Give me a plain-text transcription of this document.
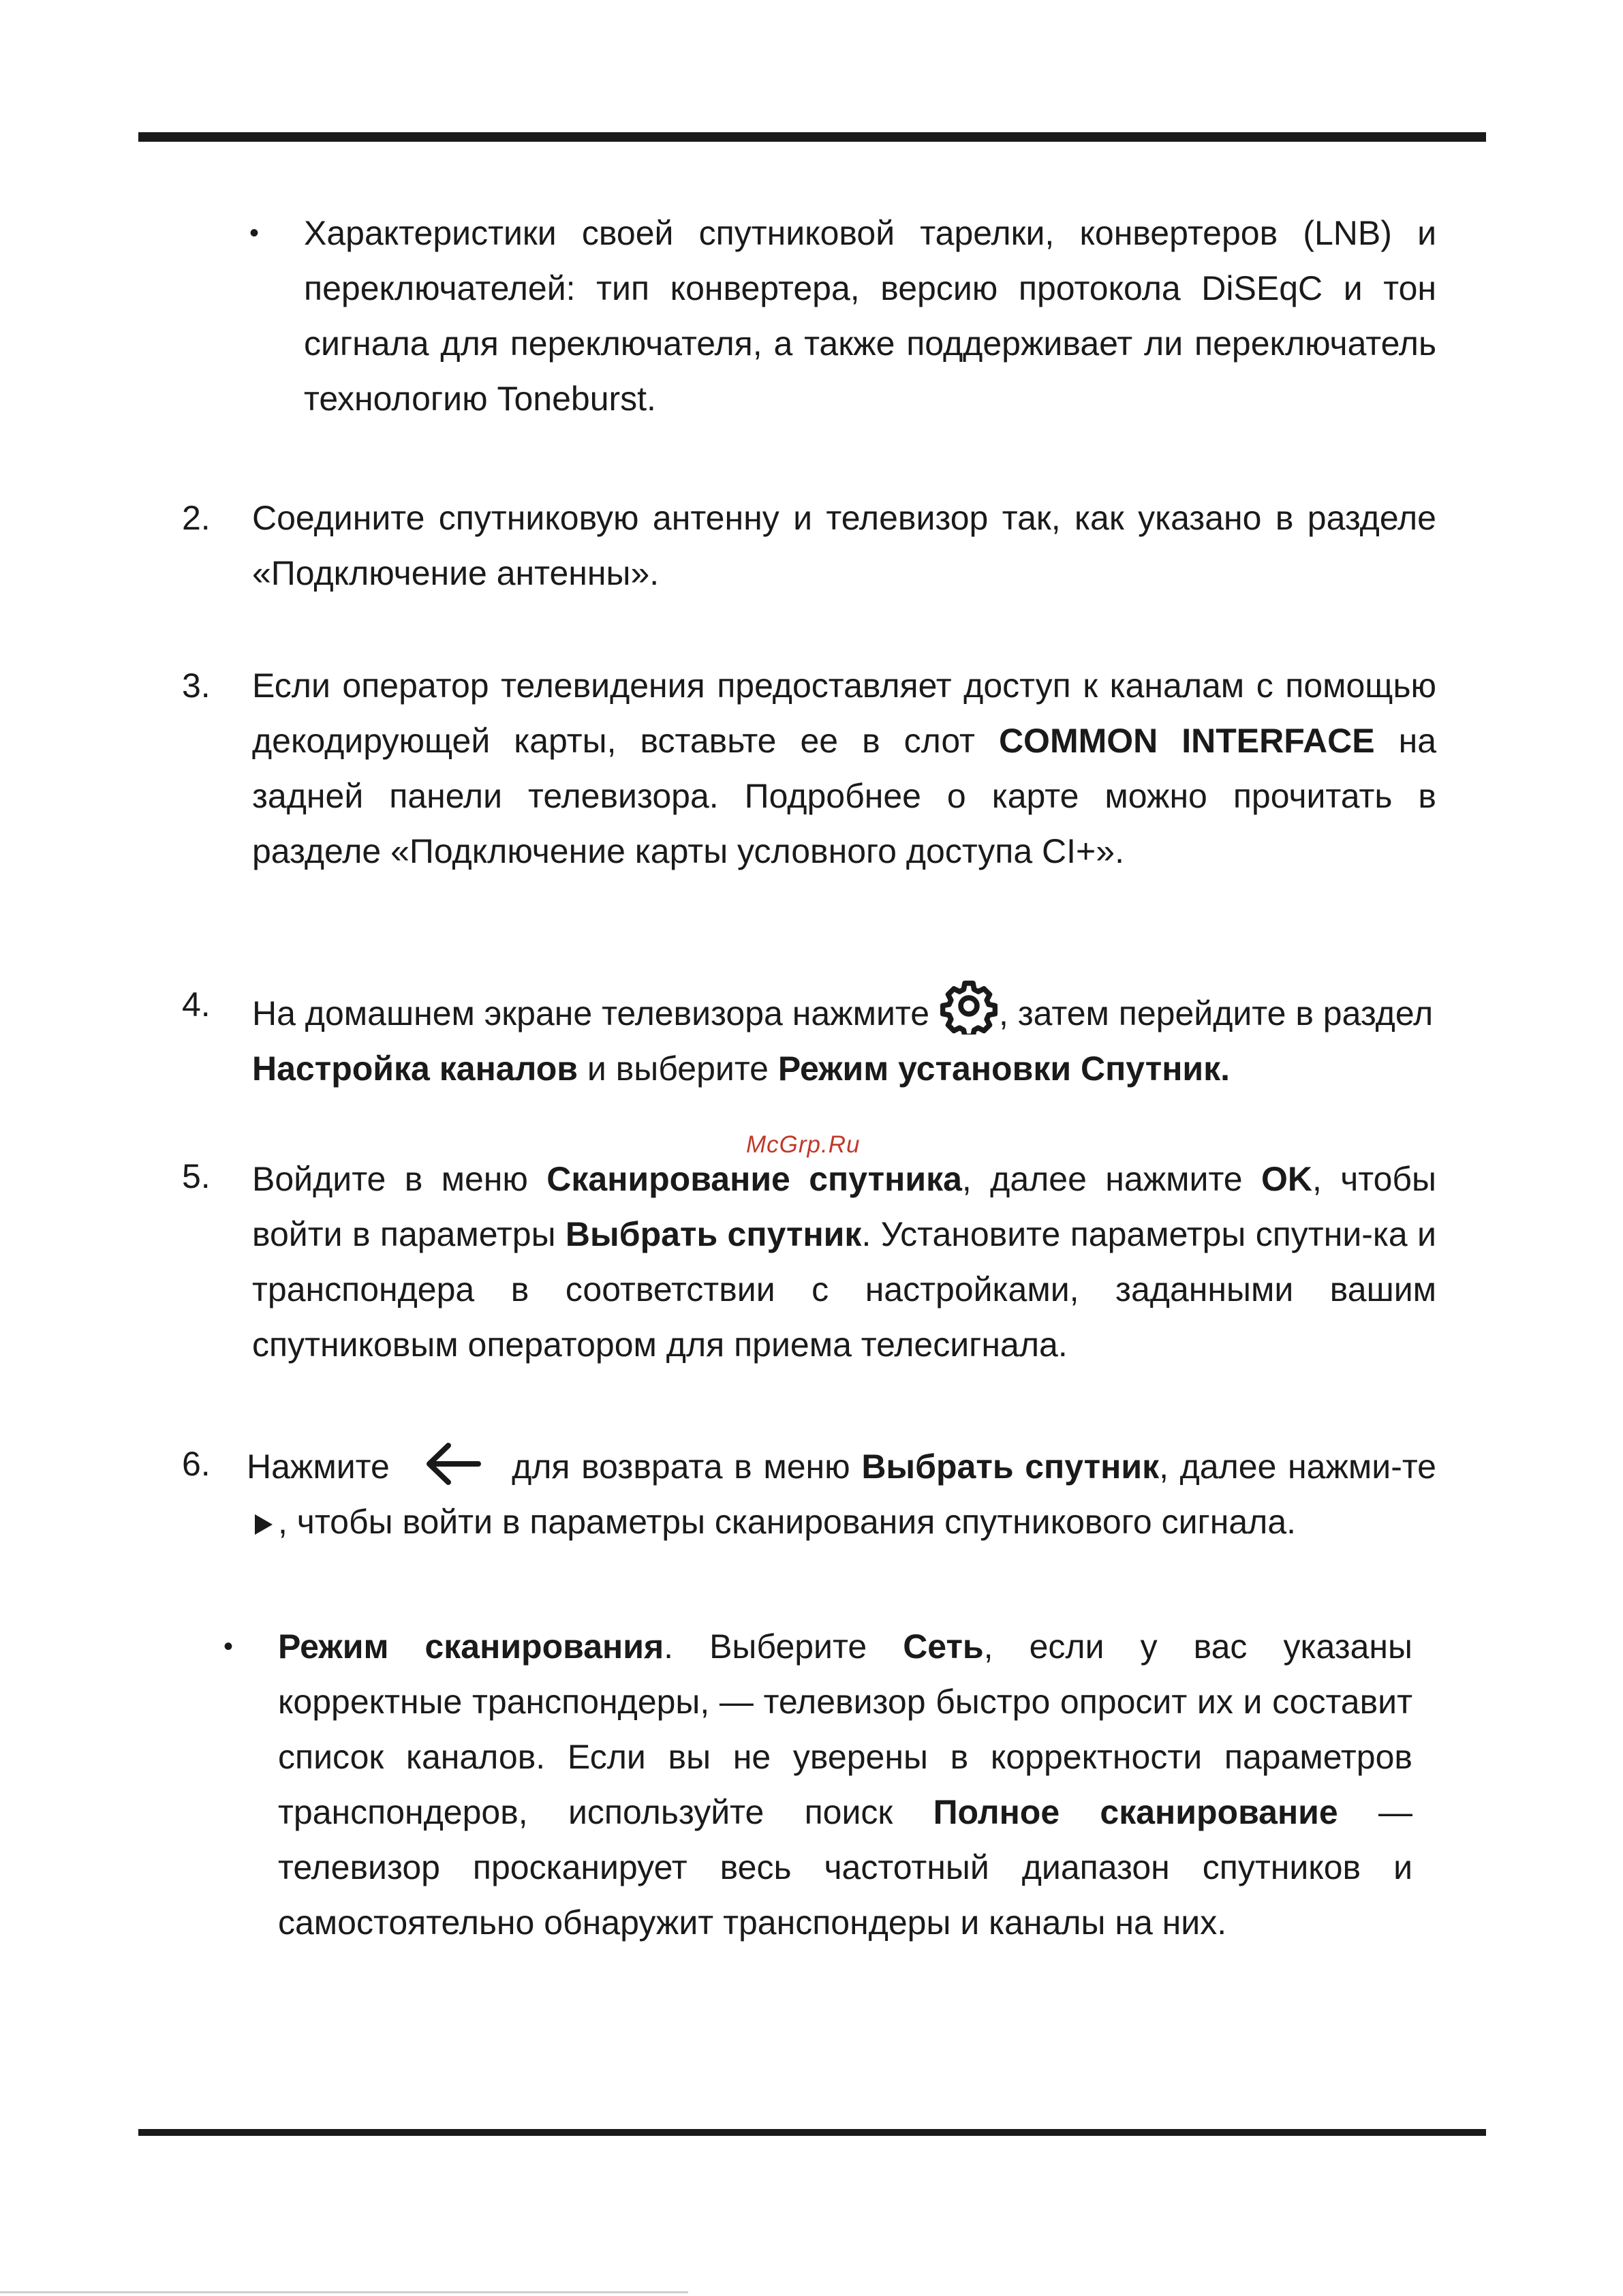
• Характеристики своей спутниковой тарелки, конвертеров (LNB) и переключателей: тип конвертера, версию протокола DiSEqC и тон сигнала для переключателя, а также поддерживает ли переключатель технологию Toneburst.

2. Соедините спутниковую антенну и телевизор так, как указано в разделе «Подключение антенны».

3. Если оператор телевидения предоставляет доступ к каналам с помощью декодирующей карты, вставьте ее в слот COMMON INTERFACE на задней панели телевизора. Подробнее о карте можно прочитать в разделе «Подключение карты условного доступа CI+».

4. На домашнем экране телевизора нажмите , затем перейдите в раздел Настройка каналов и выберите Режим установки Спутник.

McGrp.Ru
5. Войдите в меню Сканирование спутника, далее нажмите OK, чтобы войти в параметры Выбрать спутник. Установите параметры спутни-ка и транспондера в соответствии с настройками, заданными вашим спутниковым оператором для приема телесигнала.

6. Нажмите	для возврата в меню Выбрать спутник, далее нажми-те , чтобы войти в параметры сканирования спутникового сигнала.

• Режим сканирования. Выберите Сеть, если у вас указаны корректные транспондеры, — телевизор быстро опросит их и составит список каналов. Если вы не уверены в корректности параметров транспондеров, используйте поиск Полное сканирование — телевизор просканирует весь частотный диапазон спутников и самостоятельно обнаружит транспондеры и каналы на них.
